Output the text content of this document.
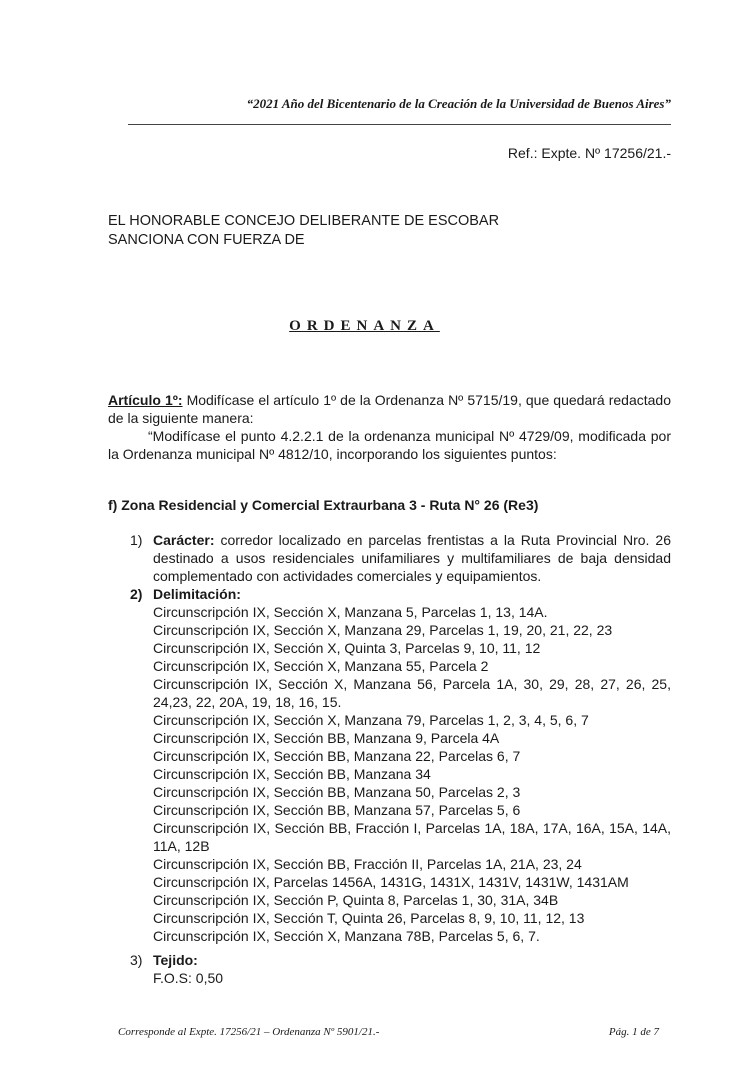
“2021 Año del Bicentenario de la Creación de la Universidad de Buenos Aires”
Ref.: Expte. Nº 17256/21.-
EL HONORABLE CONCEJO DELIBERANTE DE ESCOBAR
SANCIONA CON FUERZA DE
ORDENANZA
Artículo 1º: Modifícase el artículo 1º de la Ordenanza Nº 5715/19, que quedará redactado de la siguiente manera:
“Modifícase el punto 4.2.2.1 de la ordenanza municipal Nº 4729/09, modificada por la Ordenanza municipal Nº 4812/10, incorporando los siguientes puntos:
f) Zona Residencial y Comercial Extraurbana 3 - Ruta N° 26 (Re3)
1) Carácter: corredor localizado en parcelas frentistas a la Ruta Provincial Nro. 26 destinado a usos residenciales unifamiliares y multifamiliares de baja densidad complementado con actividades comerciales y equipamientos.
2) Delimitación:
Circunscripción IX, Sección X, Manzana 5, Parcelas 1, 13, 14A.
Circunscripción IX, Sección X, Manzana 29, Parcelas 1, 19, 20, 21, 22, 23
Circunscripción IX, Sección X, Quinta 3, Parcelas 9, 10, 11, 12
Circunscripción IX, Sección X, Manzana 55, Parcela 2
Circunscripción IX, Sección X, Manzana 56, Parcela 1A, 30, 29, 28, 27, 26, 25, 24,23, 22, 20A, 19, 18, 16, 15.
Circunscripción IX, Sección X, Manzana 79, Parcelas 1, 2, 3, 4, 5, 6, 7
Circunscripción IX, Sección BB, Manzana 9, Parcela 4A
Circunscripción IX, Sección BB, Manzana 22, Parcelas 6, 7
Circunscripción IX, Sección BB, Manzana 34
Circunscripción IX, Sección BB, Manzana 50, Parcelas 2, 3
Circunscripción IX, Sección BB, Manzana 57, Parcelas 5, 6
Circunscripción IX, Sección BB, Fracción I, Parcelas 1A, 18A, 17A, 16A, 15A, 14A, 11A, 12B
Circunscripción IX, Sección BB, Fracción II, Parcelas 1A, 21A, 23, 24
Circunscripción IX, Parcelas 1456A, 1431G, 1431X, 1431V, 1431W, 1431AM
Circunscripción IX, Sección P, Quinta 8, Parcelas 1, 30, 31A, 34B
Circunscripción IX, Sección T, Quinta 26, Parcelas 8, 9, 10, 11, 12, 13
Circunscripción IX, Sección X, Manzana 78B, Parcelas 5, 6, 7.
3) Tejido:
F.O.S: 0,50
Corresponde al Expte. 17256/21 – Ordenanza Nº 5901/21.-	Pág. 1 de 7
